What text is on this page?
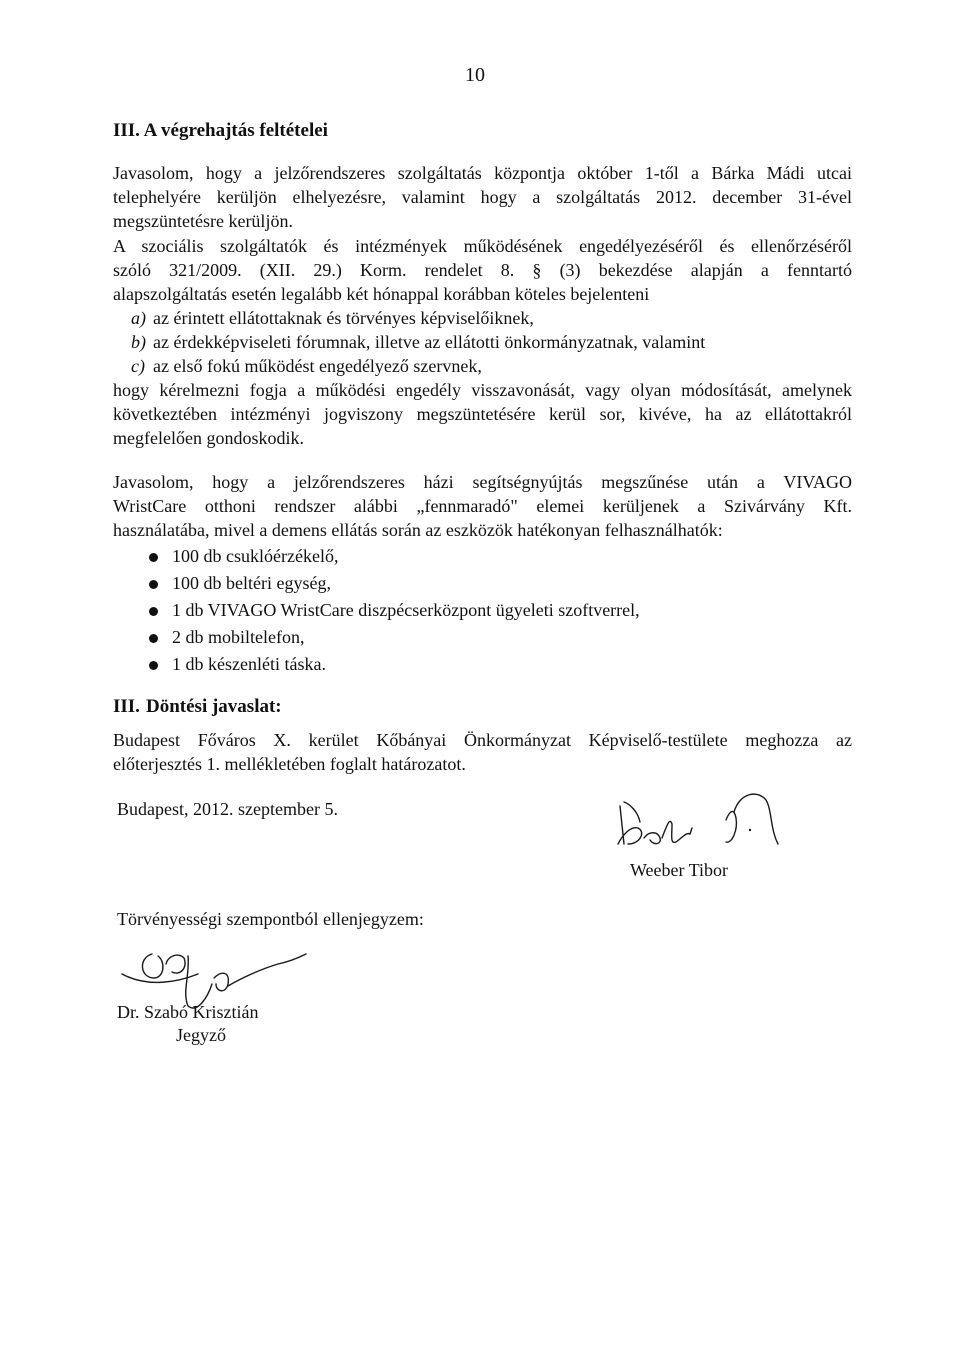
10
III. A végrehajtás feltételei
Javasolom, hogy a jelzőrendszeres szolgáltatás központja október 1-től a Bárka Mádi utcai
telephelyére kerüljön elhelyezésre, valamint hogy a szolgáltatás 2012. december 31-ével
megszüntetésre kerüljön.
A szociális szolgáltatók és intézmények működésének engedélyezéséről és ellenőrzéséről
szóló 321/2009. (XII. 29.) Korm. rendelet 8. § (3) bekezdése alapján a fenntartó
alapszolgáltatás esetén legalább két hónappal korábban köteles bejelenteni
a) az érintett ellátottaknak és törvényes képviselőiknek,
b) az érdekképviseleti fórumnak, illetve az ellátotti önkormányzatnak, valamint
c) az első fokú működést engedélyező szervnek,
hogy kérelmezni fogja a működési engedély visszavonását, vagy olyan módosítását, amelynek
következtében intézményi jogviszony megszüntetésére kerül sor, kivéve, ha az ellátottakról
megfelelően gondoskodik.
Javasolom, hogy a jelzőrendszeres házi segítségnyújtás megszűnése után a VIVAGO
WristCare otthoni rendszer alábbi „fennmaradó" elemei kerüljenek a Szivárvány Kft.
használatába, mivel a demens ellátás során az eszközök hatékonyan felhasználhatók:
100 db csuklóérzékelő,
100 db beltéri egység,
1 db VIVAGO WristCare diszpécserközpont ügyeleti szoftverrel,
2 db mobiltelefon,
1 db készenléti táska.
III. Döntési javaslat:
Budapest Főváros X. kerület Kőbányai Önkormányzat Képviselő-testülete meghozza az
előterjesztés 1. mellékletében foglalt határozatot.
Budapest, 2012. szeptember 5.
Weeber Tibor
Törvényességi szempontból ellenjegyzem:
Dr. Szabó Krisztián
Jegyző
